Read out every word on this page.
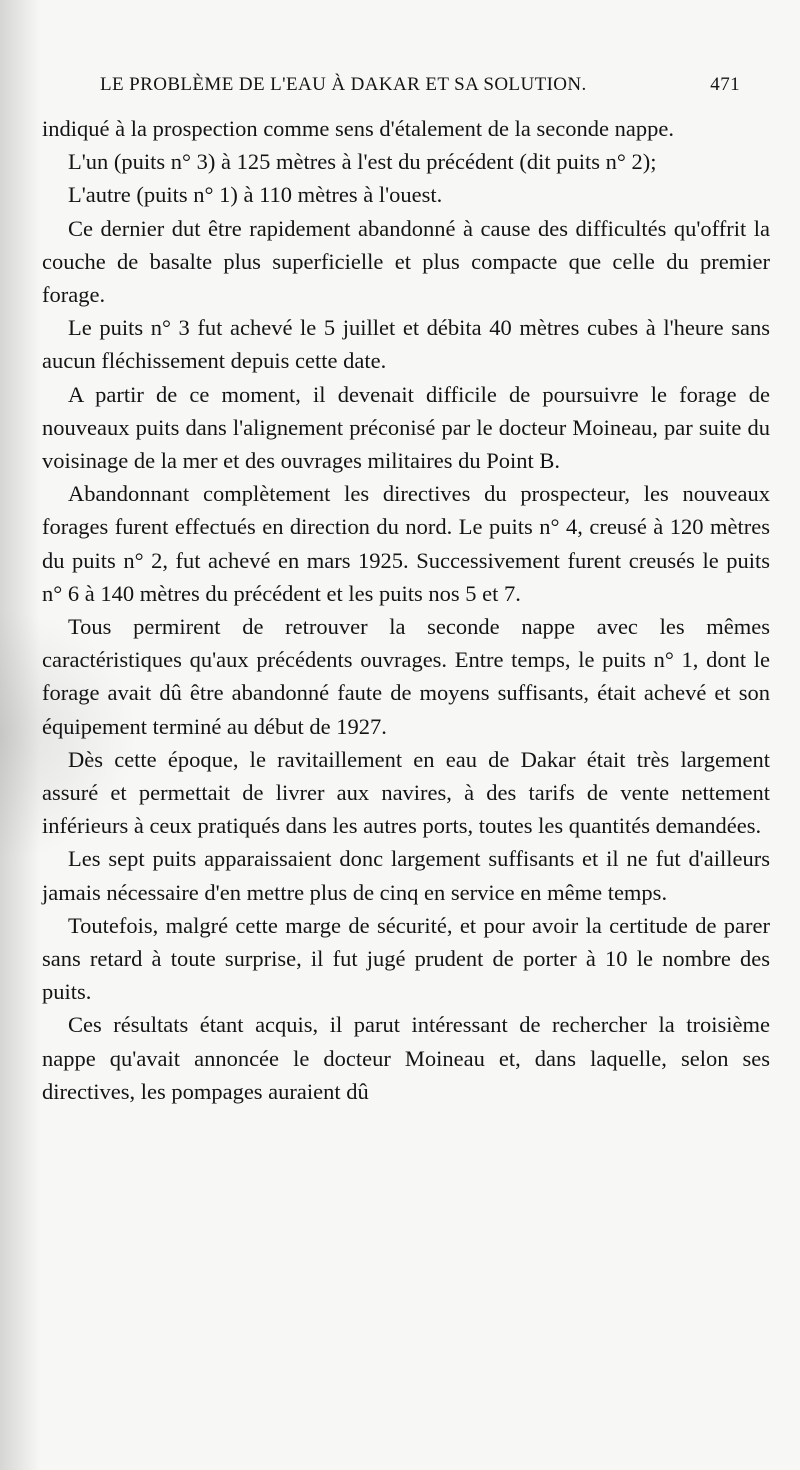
LE PROBLÈME DE L'EAU À DAKAR ET SA SOLUTION.	471

indiqué à la prospection comme sens d'étalement de la seconde nappe.

L'un (puits n° 3) à 125 mètres à l'est du précédent (dit puits n° 2);

L'autre (puits n° 1) à 110 mètres à l'ouest.

Ce dernier dut être rapidement abandonné à cause des difficultés qu'offrit la couche de basalte plus superficielle et plus compacte que celle du premier forage.

Le puits n° 3 fut achevé le 5 juillet et débita 40 mètres cubes à l'heure sans aucun fléchissement depuis cette date.

A partir de ce moment, il devenait difficile de poursuivre le forage de nouveaux puits dans l'alignement préconisé par le docteur Moineau, par suite du voisinage de la mer et des ouvrages militaires du Point B.

Abandonnant complètement les directives du prospecteur, les nouveaux forages furent effectués en direction du nord. Le puits n° 4, creusé à 120 mètres du puits n° 2, fut achevé en mars 1925. Successivement furent creusés le puits n° 6 à 140 mètres du précédent et les puits nos 5 et 7.

Tous permirent de retrouver la seconde nappe avec les mêmes caractéristiques qu'aux précédents ouvrages. Entre temps, le puits n° 1, dont le forage avait dû être abandonné faute de moyens suffisants, était achevé et son équipement terminé au début de 1927.

Dès cette époque, le ravitaillement en eau de Dakar était très largement assuré et permettait de livrer aux navires, à des tarifs de vente nettement inférieurs à ceux pratiqués dans les autres ports, toutes les quantités demandées.

Les sept puits apparaissaient donc largement suffisants et il ne fut d'ailleurs jamais nécessaire d'en mettre plus de cinq en service en même temps.

Toutefois, malgré cette marge de sécurité, et pour avoir la certitude de parer sans retard à toute surprise, il fut jugé prudent de porter à 10 le nombre des puits.

Ces résultats étant acquis, il parut intéressant de rechercher la troisième nappe qu'avait annoncée le docteur Moineau et, dans laquelle, selon ses directives, les pompages auraient dû
